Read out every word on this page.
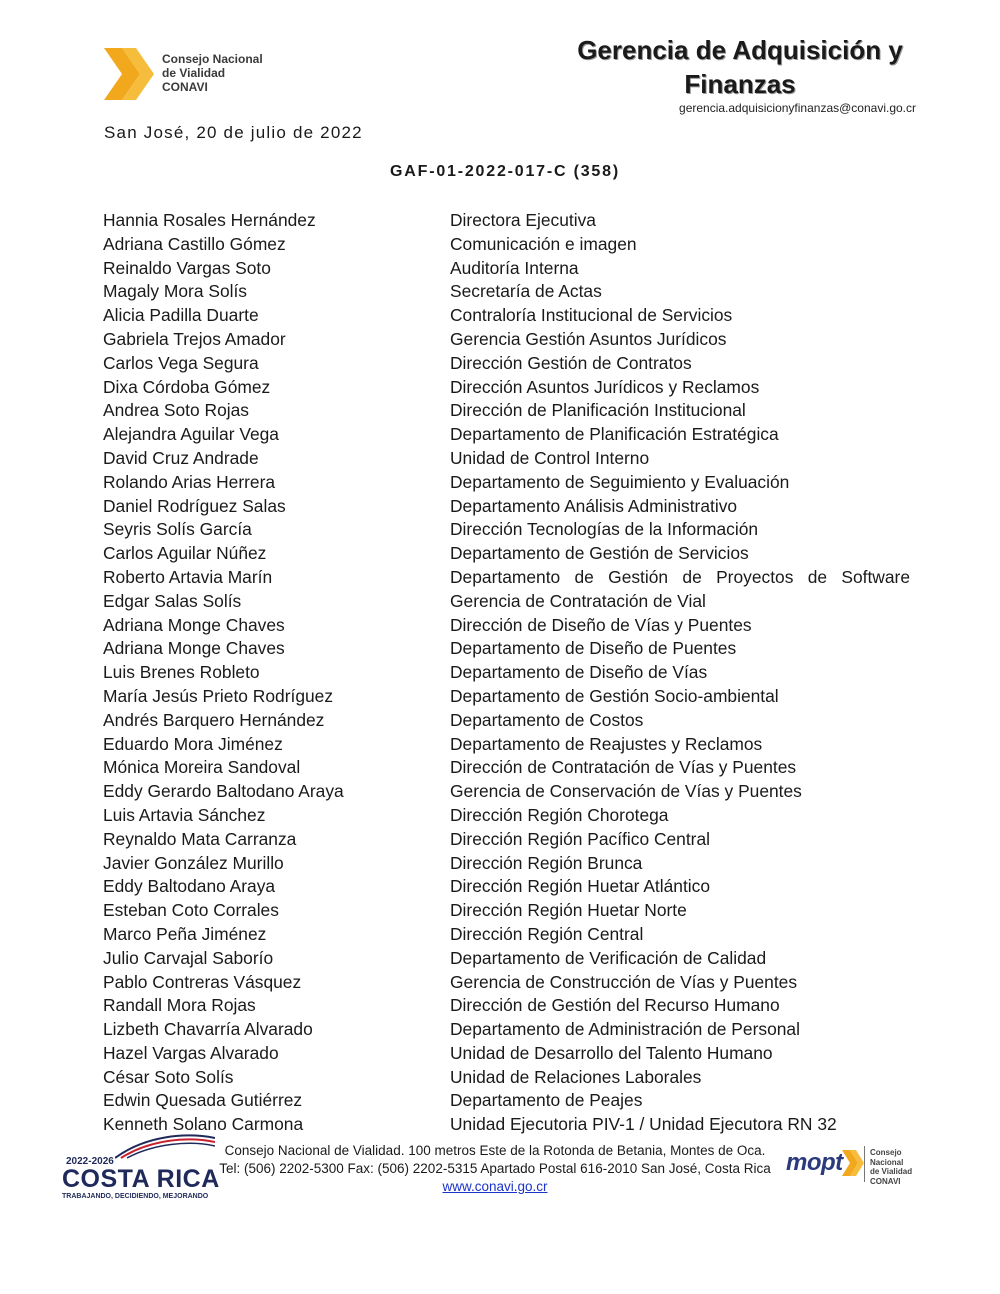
Consejo Nacional
de Vialidad
CONAVI
Gerencia de Adquisición y
Finanzas
gerencia.adquisicionyfinanzas@conavi.go.cr
San José, 20 de julio de 2022
GAF-01-2022-017-C (358)
Hannia Rosales Hernández	Directora Ejecutiva
Adriana Castillo Gómez	Comunicación e imagen
Reinaldo Vargas Soto	Auditoría Interna
Magaly Mora Solís	Secretaría de Actas
Alicia Padilla Duarte	Contraloría Institucional de Servicios
Gabriela Trejos Amador	Gerencia Gestión Asuntos Jurídicos
Carlos Vega Segura	Dirección Gestión de Contratos
Dixa Córdoba Gómez	Dirección Asuntos Jurídicos y Reclamos
Andrea Soto Rojas	Dirección de Planificación Institucional
Alejandra Aguilar Vega	Departamento de Planificación Estratégica
David Cruz Andrade	Unidad de Control Interno
Rolando Arias Herrera	Departamento de Seguimiento y Evaluación
Daniel Rodríguez Salas	Departamento Análisis Administrativo
Seyris Solís García	Dirección Tecnologías de la Información
Carlos Aguilar Núñez	Departamento de Gestión de Servicios
Roberto Artavia Marín	Departamento de Gestión de Proyectos de Software
Edgar Salas Solís	Gerencia de Contratación de Vial
Adriana Monge Chaves	Dirección de Diseño de Vías y Puentes
Adriana Monge Chaves	Departamento de Diseño de Puentes
Luis Brenes Robleto	Departamento de Diseño de Vías
María Jesús Prieto Rodríguez	Departamento de Gestión Socio-ambiental
Andrés Barquero Hernández	Departamento de Costos
Eduardo Mora Jiménez	Departamento de Reajustes y Reclamos
Mónica Moreira Sandoval	Dirección de Contratación de Vías y Puentes
Eddy Gerardo Baltodano Araya	Gerencia de Conservación de Vías y Puentes
Luis Artavia Sánchez	Dirección Región Chorotega
Reynaldo Mata Carranza	Dirección Región Pacífico Central
Javier González Murillo	Dirección Región Brunca
Eddy Baltodano Araya	Dirección Región Huetar Atlántico
Esteban Coto Corrales	Dirección Región Huetar Norte
Marco Peña Jiménez	Dirección Región Central
Julio Carvajal Saborío	Departamento de Verificación de Calidad
Pablo Contreras Vásquez	Gerencia de Construcción de Vías y Puentes
Randall Mora Rojas	Dirección de Gestión del Recurso Humano
Lizbeth Chavarría Alvarado	Departamento de Administración de Personal
Hazel Vargas Alvarado	Unidad de Desarrollo del Talento Humano
César Soto Solís	Unidad de Relaciones Laborales
Edwin Quesada Gutiérrez	Departamento de Peajes
Kenneth Solano Carmona	Unidad Ejecutoria PIV-1 / Unidad Ejecutora RN 32
2022-2026
COSTA RICA
TRABAJANDO, DECIDIENDO, MEJORANDO
Consejo Nacional de Vialidad. 100 metros Este de la Rotonda de Betania, Montes de Oca.
Tel: (506) 2202-5300 Fax: (506) 2202-5315 Apartado Postal 616-2010 San José, Costa Rica
www.conavi.go.cr
mopt	Consejo Nacional
de Vialidad
CONAVI
